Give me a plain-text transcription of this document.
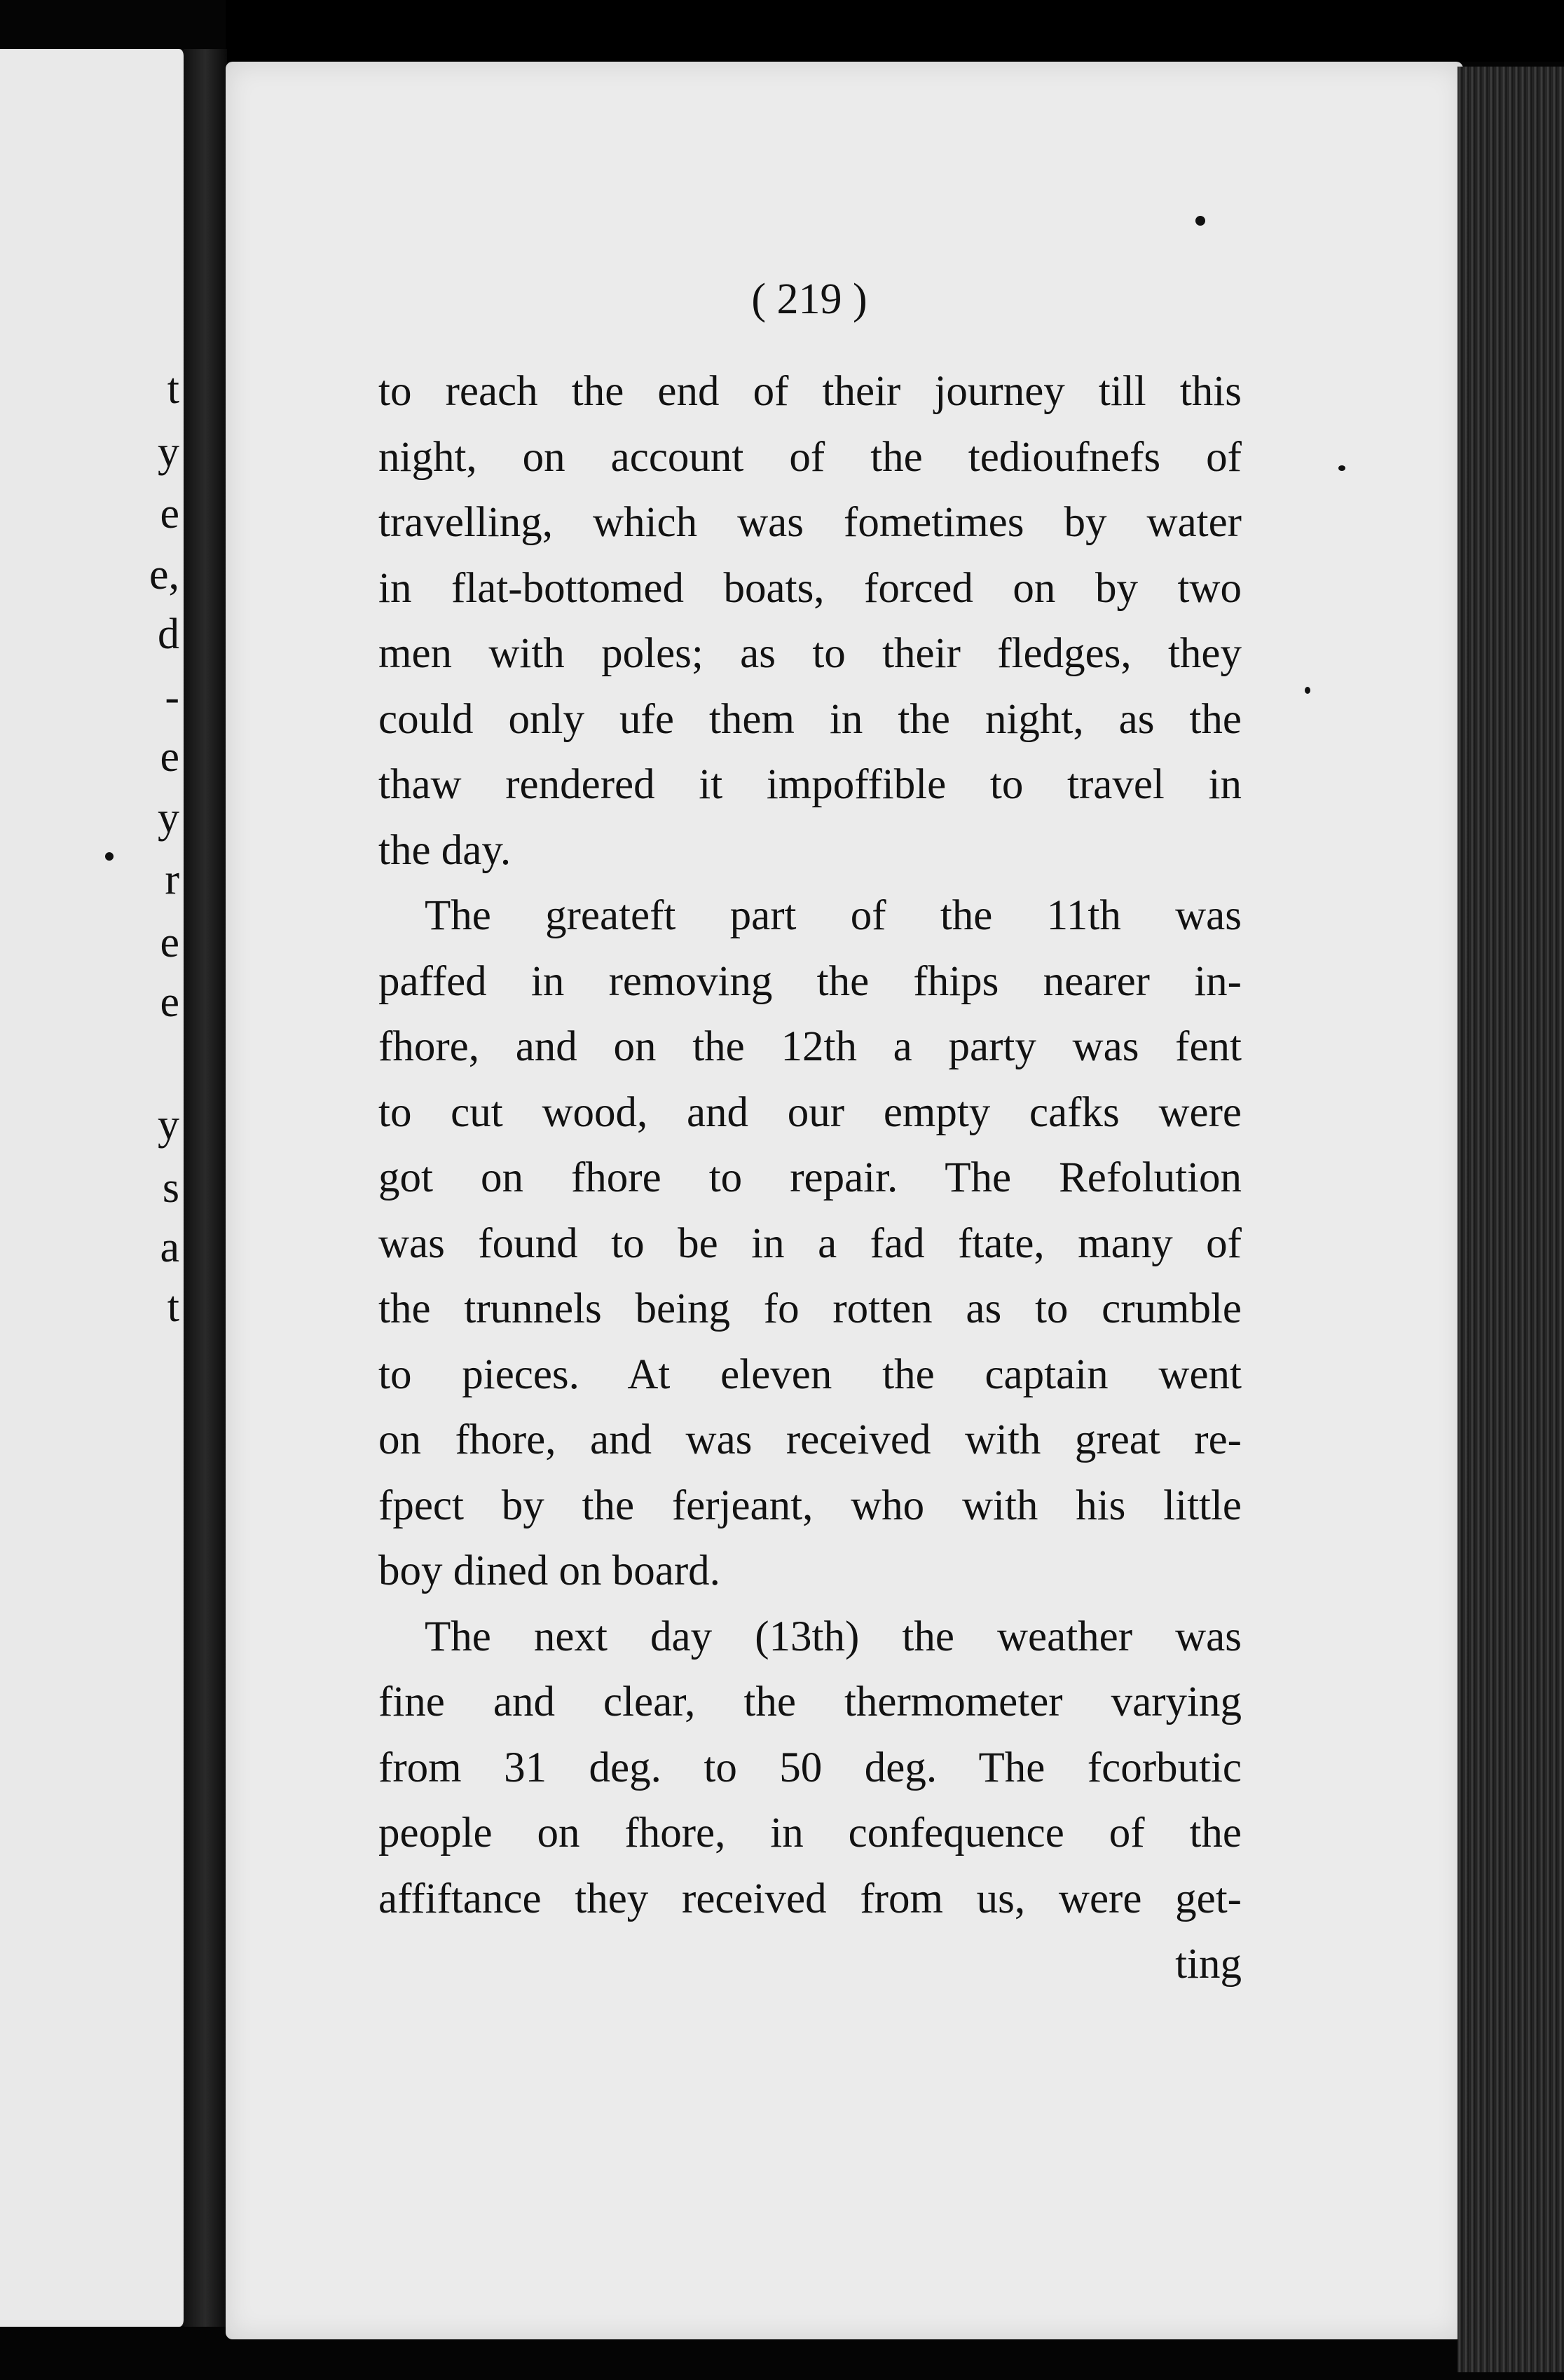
t
y
e
e,
d
-
e
y
r
e
e
y
s
a
t
( 219 )
to reach the end of their journey till this
night, on account of the tedioufnefs of
travelling, which was fometimes by water
in flat-bottomed boats, forced on by two
men with poles; as to their fledges, they
could only ufe them in the night, as the
thaw rendered it impoffible to travel in
the day.
The greateft part of the 11th was
paffed in removing the fhips nearer in-
fhore, and on the 12th a party was fent
to cut wood, and our empty cafks were
got on fhore to repair. The Refolution
was found to be in a fad ftate, many of
the trunnels being fo rotten as to crumble
to pieces. At eleven the captain went
on fhore, and was received with great re-
fpect by the ferjeant, who with his little
boy dined on board.
The next day (13th) the weather was
fine and clear, the thermometer varying
from 31 deg. to 50 deg. The fcorbutic
people on fhore, in confequence of the
affiftance they received from us, were get-
ting
